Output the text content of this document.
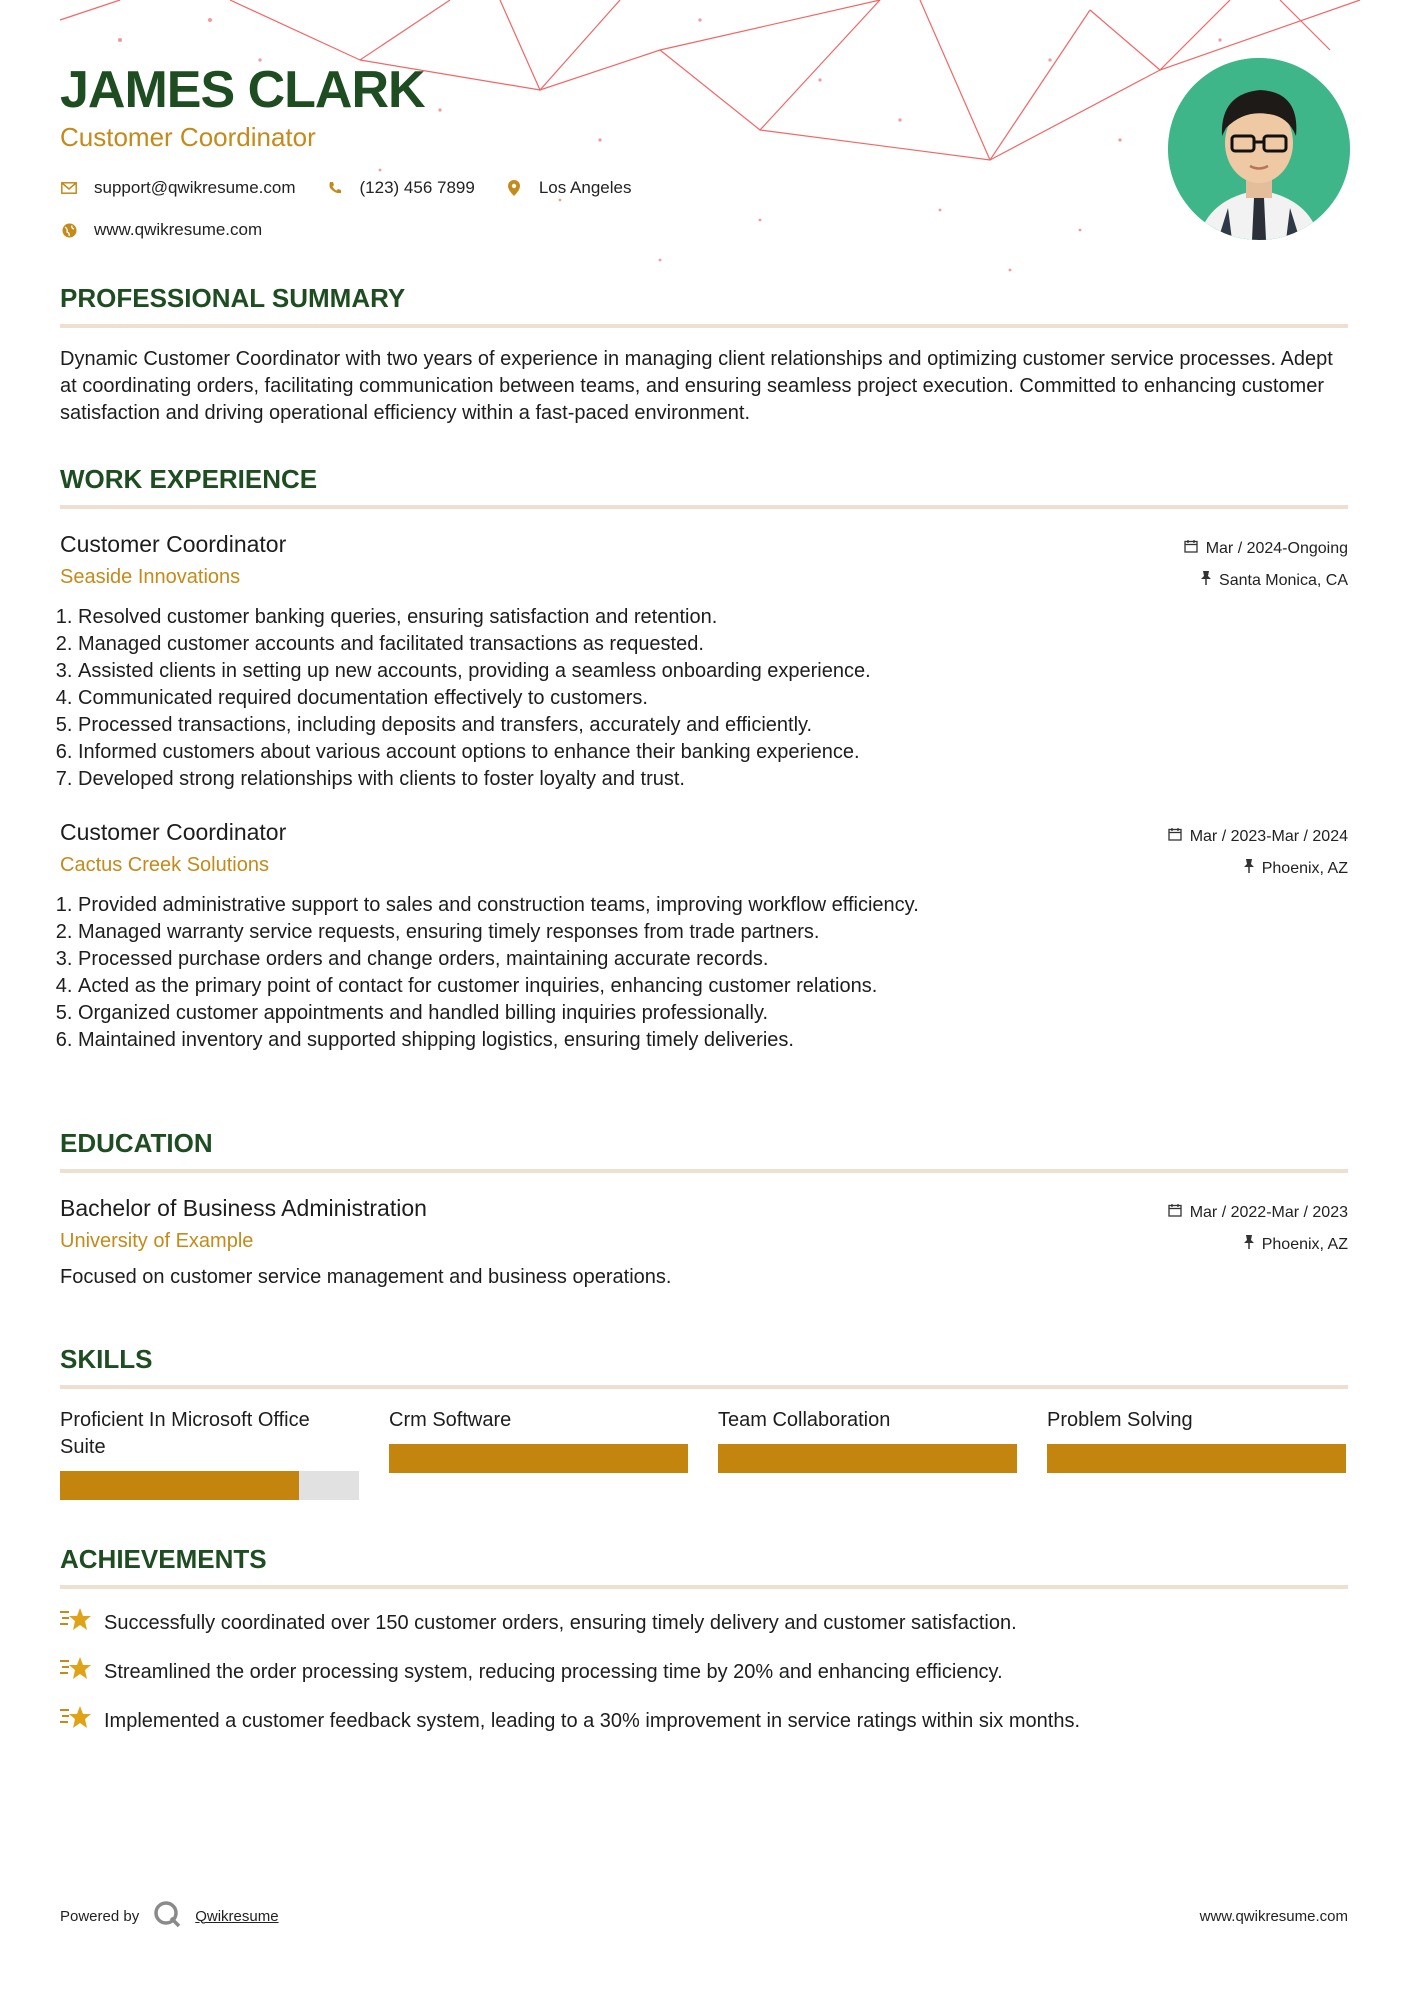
JAMES CLARK
Customer Coordinator
support@qwikresume.com	(123) 456 7899	Los Angeles
www.qwikresume.com
PROFESSIONAL SUMMARY
Dynamic Customer Coordinator with two years of experience in managing client relationships and optimizing customer service processes. Adept at coordinating orders, facilitating communication between teams, and ensuring seamless project execution. Committed to enhancing customer satisfaction and driving operational efficiency within a fast-paced environment.
WORK EXPERIENCE
Customer Coordinator
Seaside Innovations
Mar / 2024-Ongoing
Santa Monica, CA
1. Resolved customer banking queries, ensuring satisfaction and retention.
2. Managed customer accounts and facilitated transactions as requested.
3. Assisted clients in setting up new accounts, providing a seamless onboarding experience.
4. Communicated required documentation effectively to customers.
5. Processed transactions, including deposits and transfers, accurately and efficiently.
6. Informed customers about various account options to enhance their banking experience.
7. Developed strong relationships with clients to foster loyalty and trust.
Customer Coordinator
Cactus Creek Solutions
Mar / 2023-Mar / 2024
Phoenix, AZ
1. Provided administrative support to sales and construction teams, improving workflow efficiency.
2. Managed warranty service requests, ensuring timely responses from trade partners.
3. Processed purchase orders and change orders, maintaining accurate records.
4. Acted as the primary point of contact for customer inquiries, enhancing customer relations.
5. Organized customer appointments and handled billing inquiries professionally.
6. Maintained inventory and supported shipping logistics, ensuring timely deliveries.
EDUCATION
Bachelor of Business Administration
University of Example
Mar / 2022-Mar / 2023
Phoenix, AZ
Focused on customer service management and business operations.
SKILLS
Proficient In Microsoft Office Suite
Crm Software	Team Collaboration	Problem Solving
ACHIEVEMENTS
Successfully coordinated over 150 customer orders, ensuring timely delivery and customer satisfaction.
Streamlined the order processing system, reducing processing time by 20% and enhancing efficiency.
Implemented a customer feedback system, leading to a 30% improvement in service ratings within six months.
Powered by	Qwikresume	www.qwikresume.com
